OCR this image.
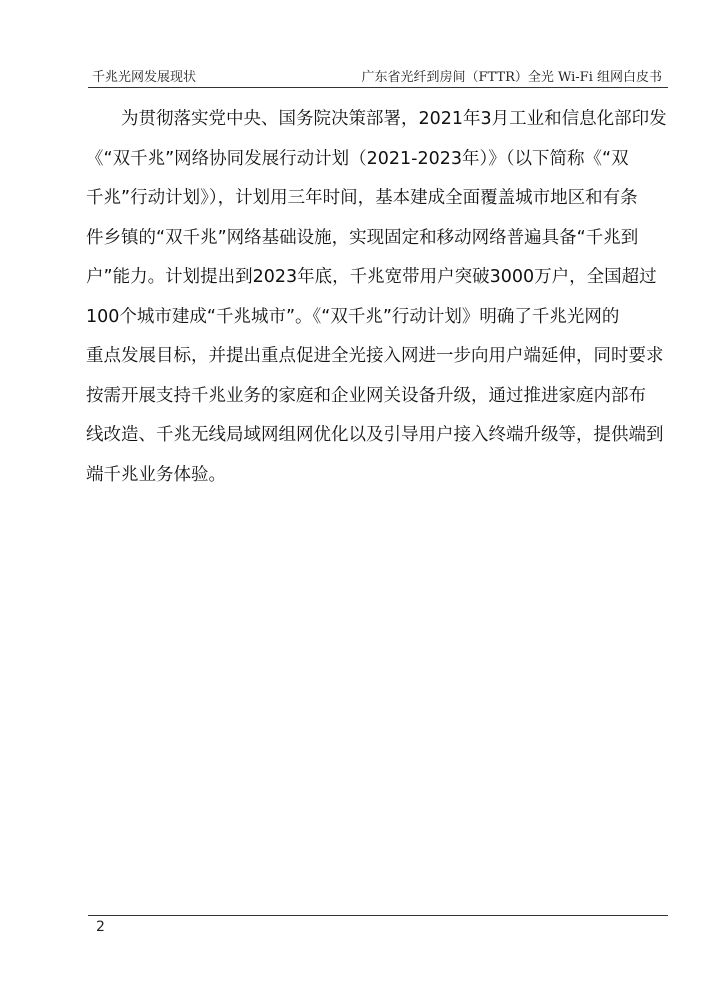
千兆光网发展现状	广东省光纤到房间（FTTR）全光 Wi-Fi 组网白皮书

为贯彻落实党中央、国务院决策部署，2021年3月工业和信息化部印发
《“双千兆”网络协同发展行动计划（2021-2023年）》（以下简称《“双
千兆”行动计划》），计划用三年时间，基本建成全面覆盖城市地区和有条
件乡镇的“双千兆”网络基础设施，实现固定和移动网络普遍具备“千兆到
户”能力。计划提出到2023年底，千兆宽带用户突破3000万户，全国超过
100个城市建成“千兆城市”。《“双千兆”行动计划》明确了千兆光网的
重点发展目标，并提出重点促进全光接入网进一步向用户端延伸，同时要求
按需开展支持千兆业务的家庭和企业网关设备升级，通过推进家庭内部布
线改造、千兆无线局域网组网优化以及引导用户接入终端升级等，提供端到
端千兆业务体验。

2
